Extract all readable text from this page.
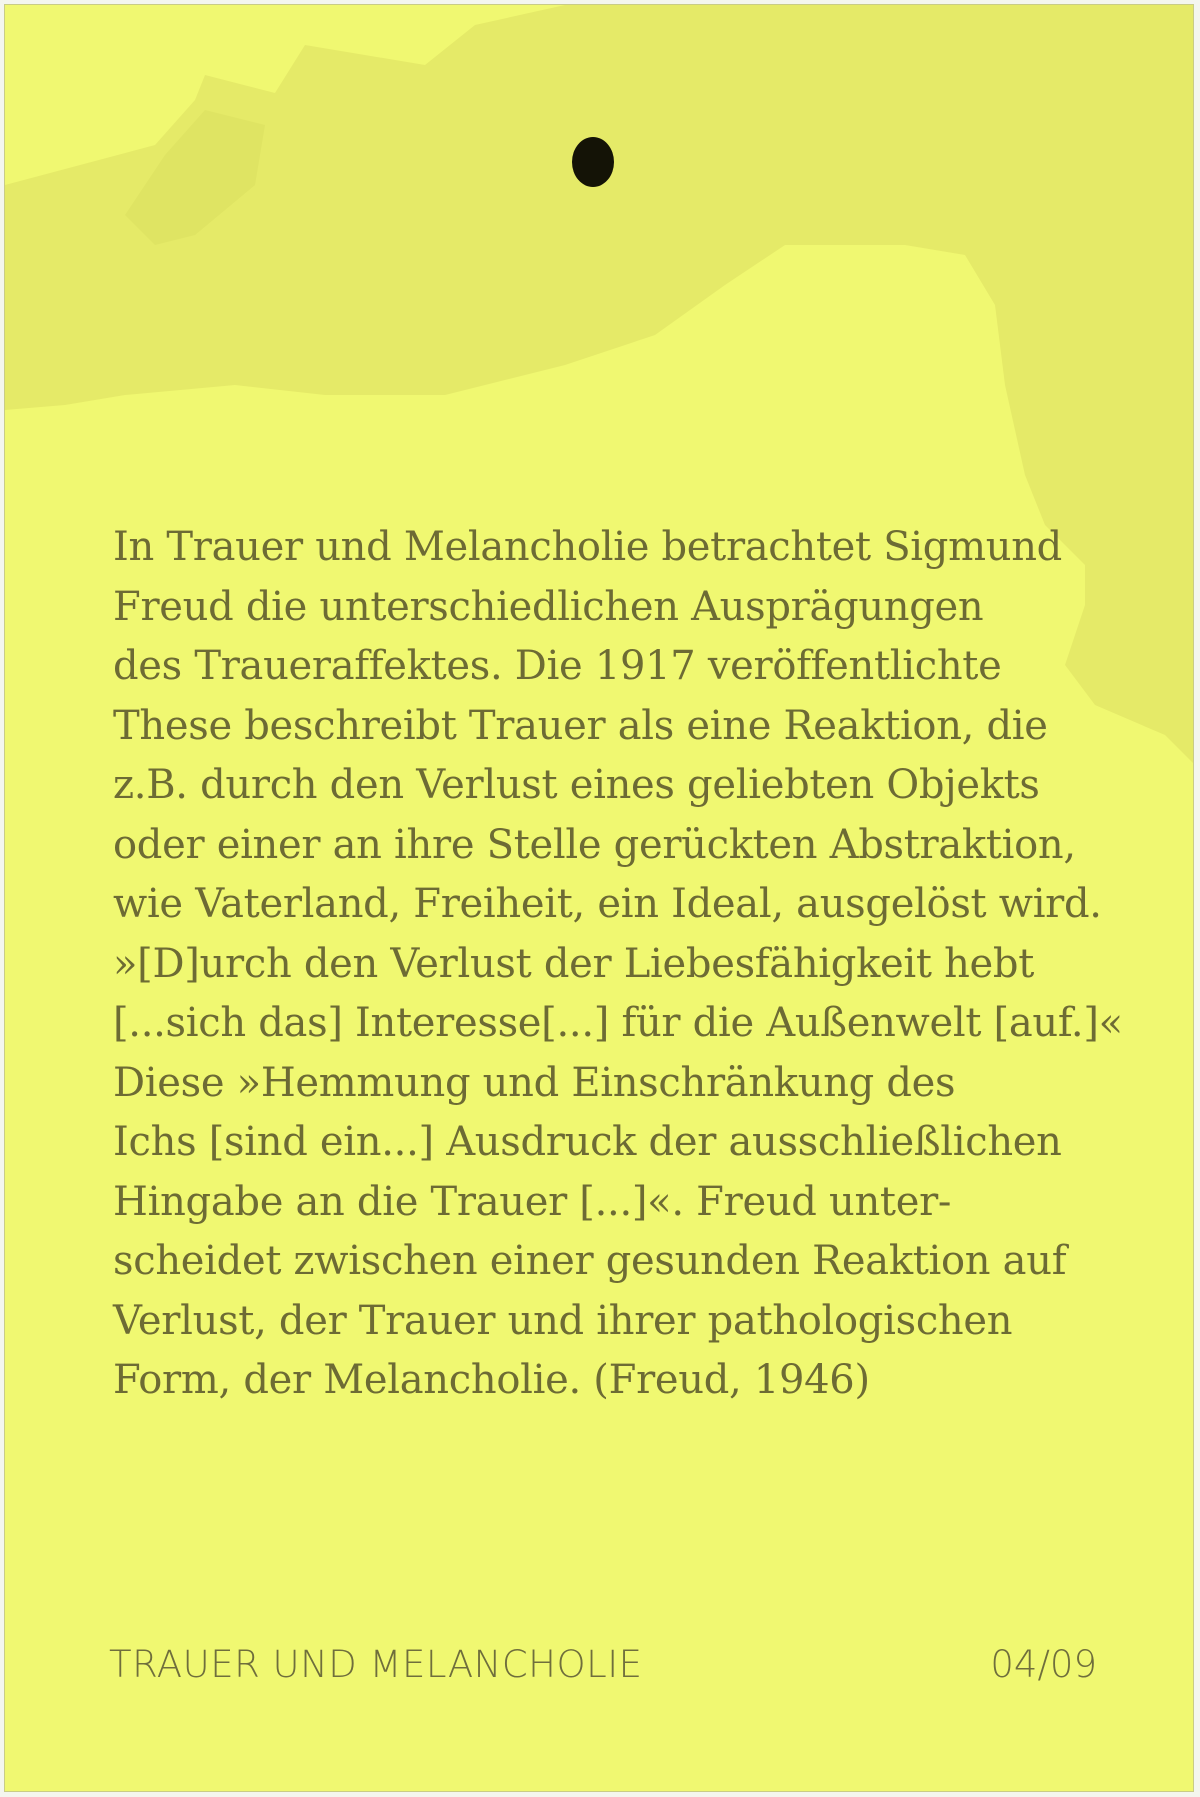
In Trauer und Melancholie betrachtet Sigmund
Freud die unterschiedlichen Ausprägungen
des Traueraffektes. Die 1917 veröffentlichte
These beschreibt Trauer als eine Reaktion, die
z.B. durch den Verlust eines geliebten Objekts
oder einer an ihre Stelle gerückten Abstraktion,
wie Vaterland, Freiheit, ein Ideal, ausgelöst wird.
»[D]urch den Verlust der Liebesfähigkeit hebt
[...sich das] Interesse[...] für die Außenwelt [auf.]«
Diese »Hemmung und Einschränkung des
Ichs [sind ein...] Ausdruck der ausschließlichen
Hingabe an die Trauer [...]«. Freud unter-
scheidet zwischen einer gesunden Reaktion auf
Verlust, der Trauer und ihrer pathologischen
Form, der Melancholie. (Freud, 1946)

TRAUER UND MELANCHOLIE	04/09
